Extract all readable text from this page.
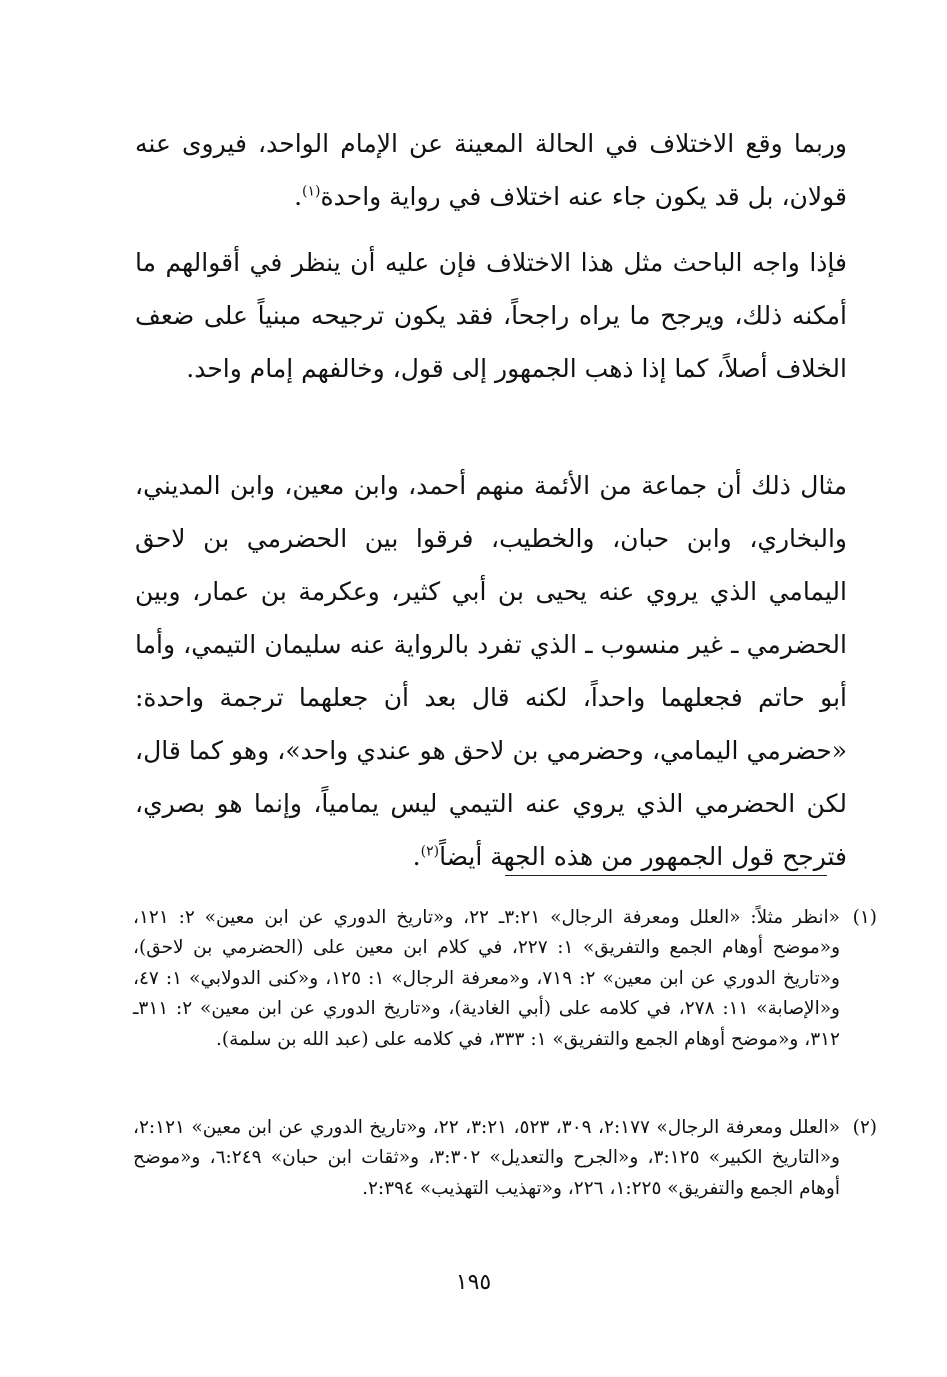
وربما وقع الاختلاف في الحالة المعينة عن الإمام الواحد، فيروى عنه قولان، بل قد يكون جاء عنه اختلاف في رواية واحدة$^{(١)}$.

فإذا واجه الباحث مثل هذا الاختلاف فإن عليه أن ينظر في أقوالهم ما أمكنه ذلك، ويرجح ما يراه راجحاً، فقد يكون ترجيحه مبنياً على ضعف الخلاف أصلاً، كما إذا ذهب الجمهور إلى قول، وخالفهم إمام واحد.

مثال ذلك أن جماعة من الأئمة منهم أحمد، وابن معين، وابن المديني، والبخاري، وابن حبان، والخطيب، فرقوا بين الحضرمي بن لاحق اليمامي الذي يروي عنه يحيى بن أبي كثير، وعكرمة بن عمار، وبين الحضرمي ـ غير منسوب ـ الذي تفرد بالرواية عنه سليمان التيمي، وأما أبو حاتم فجعلهما واحداً، لكنه قال بعد أن جعلهما ترجمة واحدة: «حضرمي اليمامي، وحضرمي بن لاحق هو عندي واحد»، وهو كما قال، لكن الحضرمي الذي يروي عنه التيمي ليس يمامياً، وإنما هو بصري، فترجح قول الجمهور من هذه الجهة أيضاً$^{(٢)}$.

(١)
«انظر مثلاً: «العلل ومعرفة الرجال» ٣:٢١ـ ٢٢، و«تاريخ الدوري عن ابن معين» ٢: ١٢١، و«موضح أوهام الجمع والتفريق» ١: ٢٢٧، في كلام ابن معين على (الحضرمي بن لاحق)، و«تاريخ الدوري عن ابن معين» ٢: ٧١٩، و«معرفة الرجال» ١: ١٢٥، و«كنى الدولابي» ١: ٤٧، و«الإصابة» ١١: ٢٧٨، في كلامه على (أبي الغادية)، و«تاريخ الدوري عن ابن معين» ٢: ٣١١ـ ٣١٢، و«موضح أوهام الجمع والتفريق» ١: ٣٣٣، في كلامه على (عبد الله بن سلمة).

(٢)
«العلل ومعرفة الرجال» ٢:١٧٧، ٣٠٩، ٥٢٣، ٣:٢١، ٢٢، و«تاريخ الدوري عن ابن معين» ٢:١٢١، و«التاريخ الكبير» ٣:١٢٥، و«الجرح والتعديل» ٣:٣٠٢، و«ثقات ابن حبان» ٦:٢٤٩، و«موضح أوهام الجمع والتفريق» ١:٢٢٥، ٢٢٦، و«تهذيب التهذيب» ٢:٣٩٤.

١٩٥
